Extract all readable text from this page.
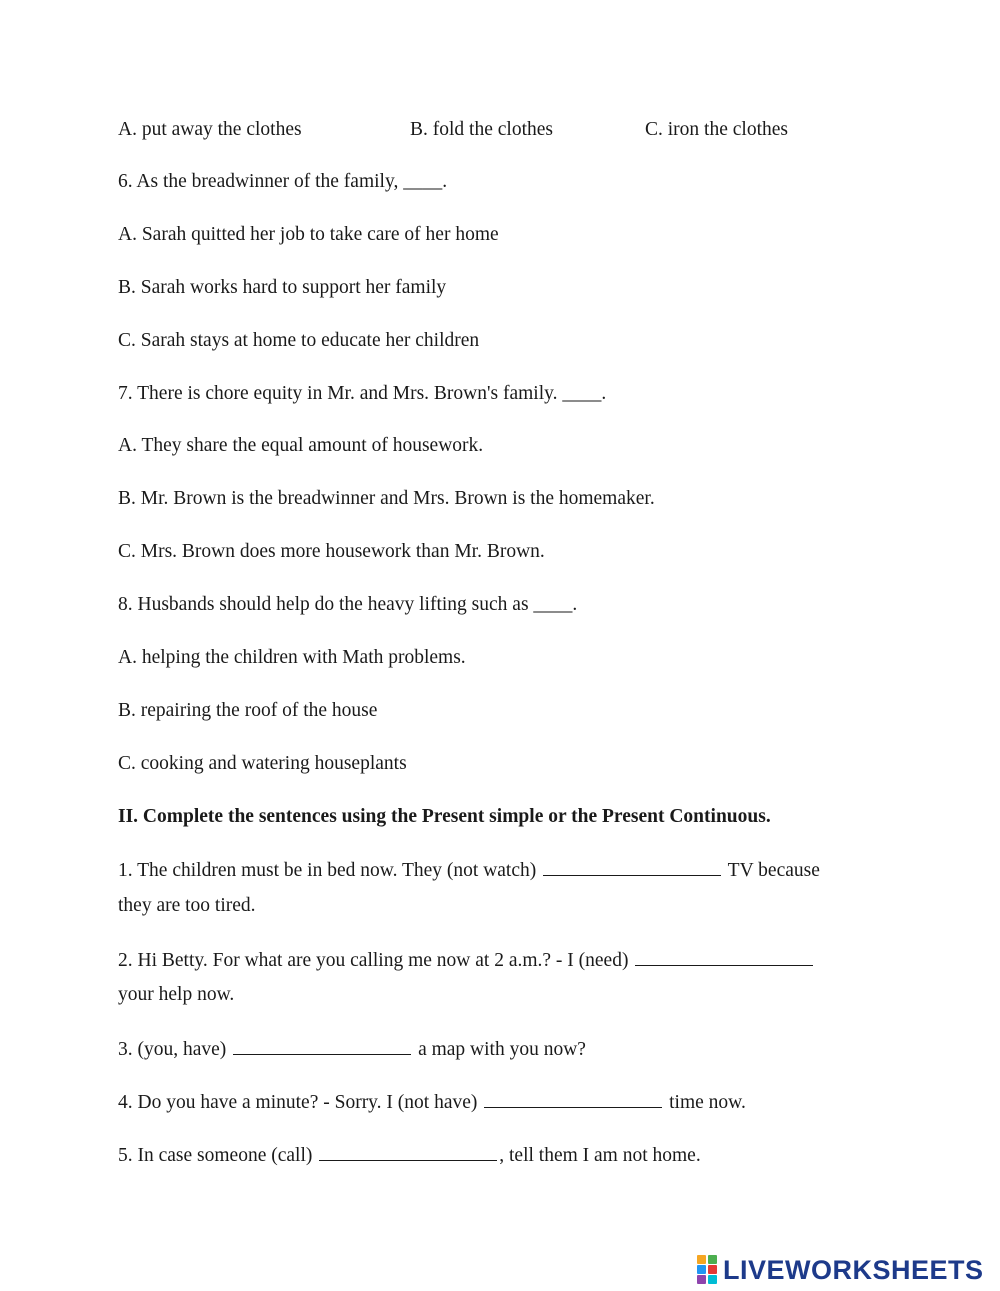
A. put away the clothes	B. fold the clothes	C. iron the clothes
6. As the breadwinner of the family, ____.
A. Sarah quitted her job to take care of her home
B. Sarah works hard to support her family
C. Sarah stays at home to educate her children
7. There is chore equity in Mr. and Mrs. Brown's family. ____.
A. They share the equal amount of housework.
B. Mr. Brown is the breadwinner and Mrs. Brown is the homemaker.
C. Mrs. Brown does more housework than Mr. Brown.
8. Husbands should help do the heavy lifting such as ____.
A. helping the children with Math problems.
B. repairing the roof of the house
C. cooking and watering houseplants
II. Complete the sentences using the Present simple or the Present Continuous.
1. The children must be in bed now. They (not watch)	TV because
they are too tired.
2. Hi Betty. For what are you calling me now at 2 a.m.? - I (need)
your help now.
3. (you, have)	a map with you now?
4. Do you have a minute? - Sorry. I (not have)	time now.
5. In case someone (call)	, tell them I am not home.
LIVEWORKSHEETS
